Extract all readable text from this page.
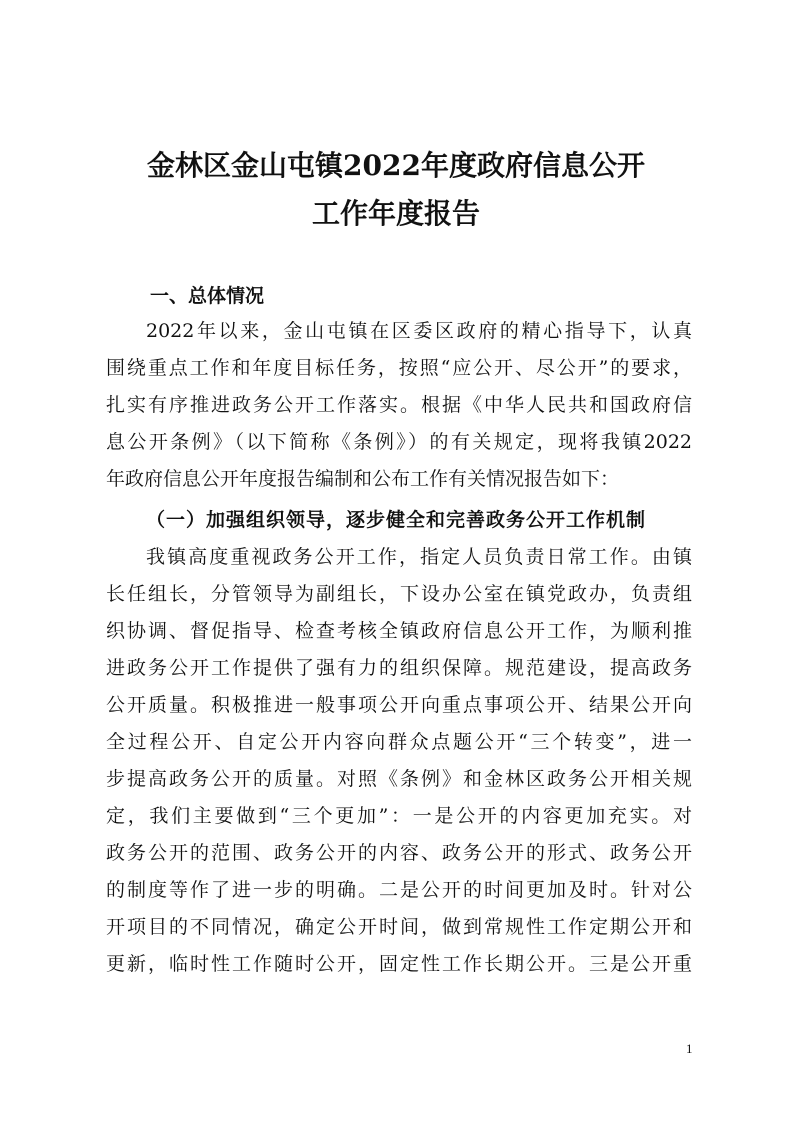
金林区金山屯镇2022年度政府信息公开
工作年度报告
一、总体情况
2022年以来，金山屯镇在区委区政府的精心指导下，认真
围绕重点工作和年度目标任务，按照“应公开、尽公开”的要求，
扎实有序推进政务公开工作落实。根据《中华人民共和国政府信
息公开条例》（以下简称《条例》）的有关规定，现将我镇2022
年政府信息公开年度报告编制和公布工作有关情况报告如下：
（一）加强组织领导，逐步健全和完善政务公开工作机制
我镇高度重视政务公开工作，指定人员负责日常工作。由镇
长任组长，分管领导为副组长，下设办公室在镇党政办，负责组
织协调、督促指导、检查考核全镇政府信息公开工作，为顺利推
进政务公开工作提供了强有力的组织保障。规范建设，提高政务
公开质量。积极推进一般事项公开向重点事项公开、结果公开向
全过程公开、自定公开内容向群众点题公开“三个转变”，进一
步提高政务公开的质量。对照《条例》和金林区政务公开相关规
定，我们主要做到“三个更加”：一是公开的内容更加充实。对
政务公开的范围、政务公开的内容、政务公开的形式、政务公开
的制度等作了进一步的明确。二是公开的时间更加及时。针对公
开项目的不同情况，确定公开时间，做到常规性工作定期公开和
更新，临时性工作随时公开，固定性工作长期公开。三是公开重
1
